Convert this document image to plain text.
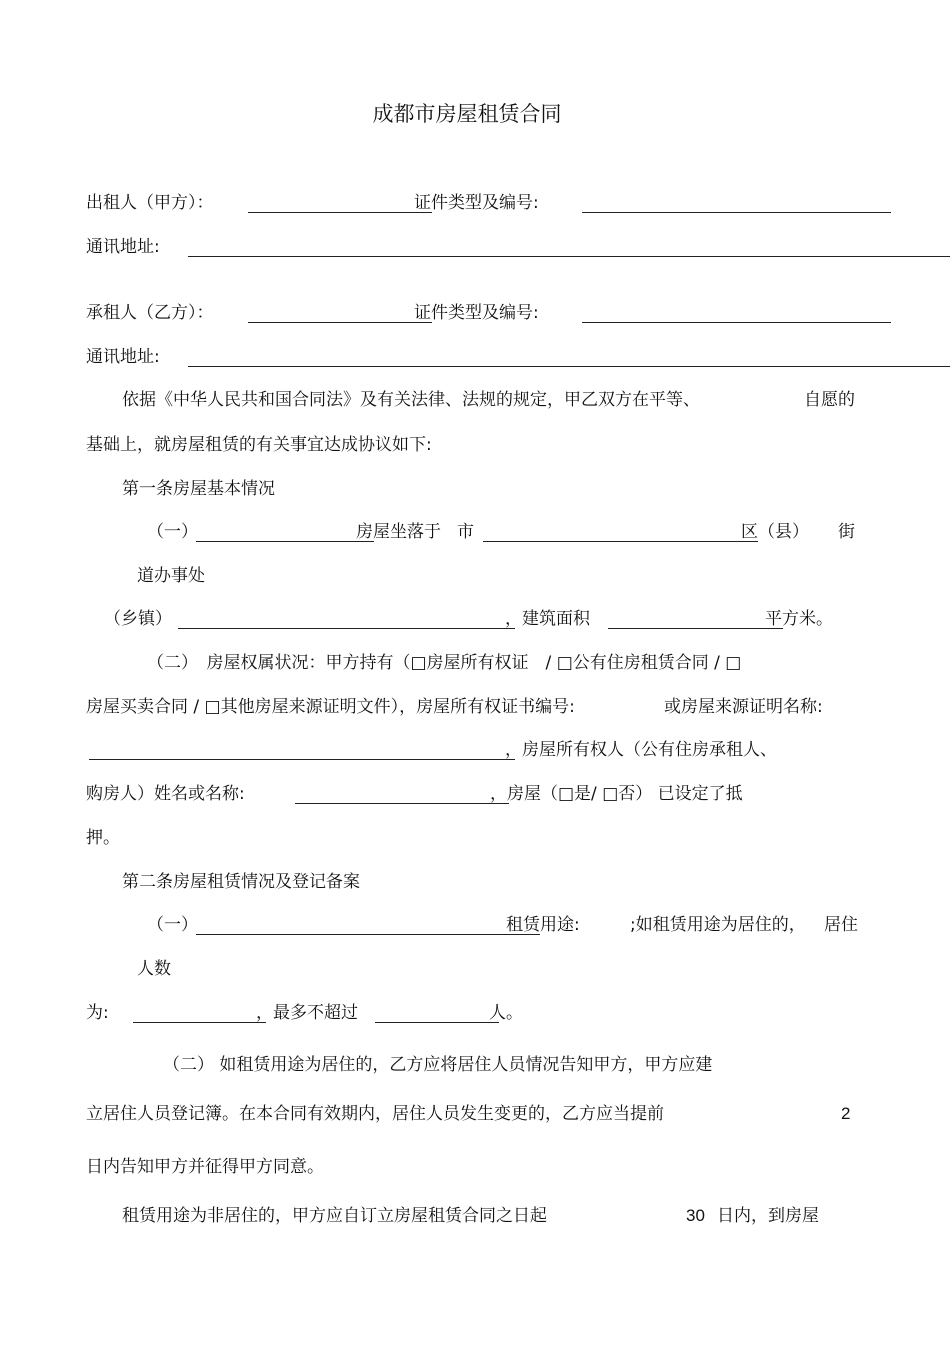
成都市房屋租赁合同
出租人（甲方）：	证件类型及编号:
通讯地址:
承租人（乙方）：	证件类型及编号:
通讯地址:
依据《中华人民共和国合同法》及有关法律、法规的规定，甲乙双方在平等、	自愿的
基础上，就房屋租赁的有关事宜达成协议如下:
第一条房屋基本情况
（一）	房屋坐落于 市	区（县） 街
道办事处
（乡镇）	，建筑面积	平方米。
（二）　房屋权属状况：甲方持有（□房屋所有权证　/ □公有住房租赁合同 / □
房屋买卖合同 / □其他房屋来源证明文件），房屋所有权证书编号:	或房屋来源证明名称:
，房屋所有权人（公有住房承租人、
购房人）姓名或名称:	，房屋（□是/ □否） 已设定了抵
押。
第二条房屋租赁情况及登记备案
（一）	租赁用途:	;如租赁用途为居住的， 居住
人数
为:	，最多不超过	人。
（二） 如租赁用途为居住的，乙方应将居住人员情况告知甲方，甲方应建
立居住人员登记簿。在本合同有效期内，居住人员发生变更的，乙方应当提前	2
日内告知甲方并征得甲方同意。
租赁用途为非居住的，甲方应自订立房屋租赁合同之日起	30 日内，到房屋
